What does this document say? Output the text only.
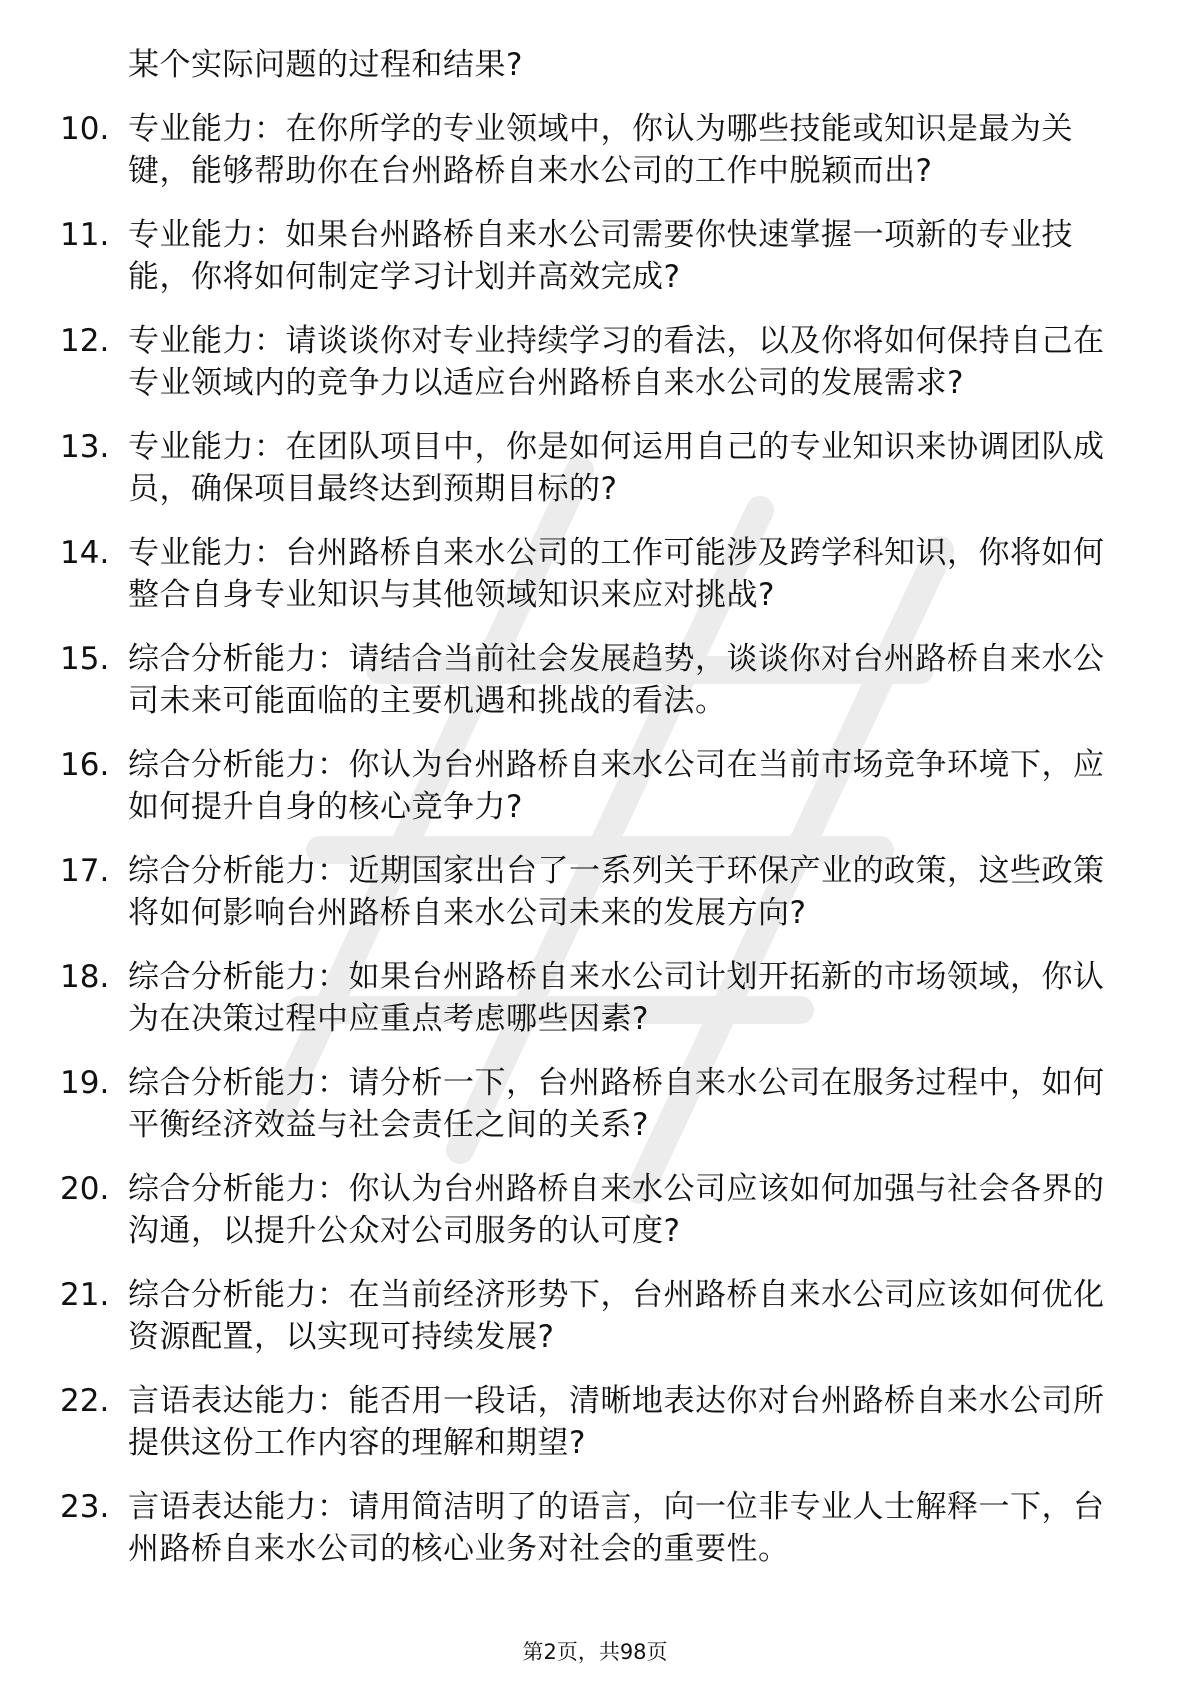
某个实际问题的过程和结果?
10. 专业能力：在你所学的专业领域中，你认为哪些技能或知识是最为关键，能够帮助你在台州路桥自来水公司的工作中脱颖而出?
11. 专业能力：如果台州路桥自来水公司需要你快速掌握一项新的专业技能，你将如何制定学习计划并高效完成?
12. 专业能力：请谈谈你对专业持续学习的看法，以及你将如何保持自己在专业领域内的竞争力以适应台州路桥自来水公司的发展需求?
13. 专业能力：在团队项目中，你是如何运用自己的专业知识来协调团队成员，确保项目最终达到预期目标的?
14. 专业能力：台州路桥自来水公司的工作可能涉及跨学科知识，你将如何整合自身专业知识与其他领域知识来应对挑战?
15. 综合分析能力：请结合当前社会发展趋势，谈谈你对台州路桥自来水公司未来可能面临的主要机遇和挑战的看法。
16. 综合分析能力：你认为台州路桥自来水公司在当前市场竞争环境下，应如何提升自身的核心竞争力?
17. 综合分析能力：近期国家出台了一系列关于环保产业的政策，这些政策将如何影响台州路桥自来水公司未来的发展方向?
18. 综合分析能力：如果台州路桥自来水公司计划开拓新的市场领域，你认为在决策过程中应重点考虑哪些因素?
19. 综合分析能力：请分析一下，台州路桥自来水公司在服务过程中，如何平衡经济效益与社会责任之间的关系?
20. 综合分析能力：你认为台州路桥自来水公司应该如何加强与社会各界的沟通，以提升公众对公司服务的认可度?
21. 综合分析能力：在当前经济形势下，台州路桥自来水公司应该如何优化资源配置，以实现可持续发展?
22. 言语表达能力：能否用一段话，清晰地表达你对台州路桥自来水公司所提供这份工作内容的理解和期望?
23. 言语表达能力：请用简洁明了的语言，向一位非专业人士解释一下，台州路桥自来水公司的核心业务对社会的重要性。
第2页，共98页
